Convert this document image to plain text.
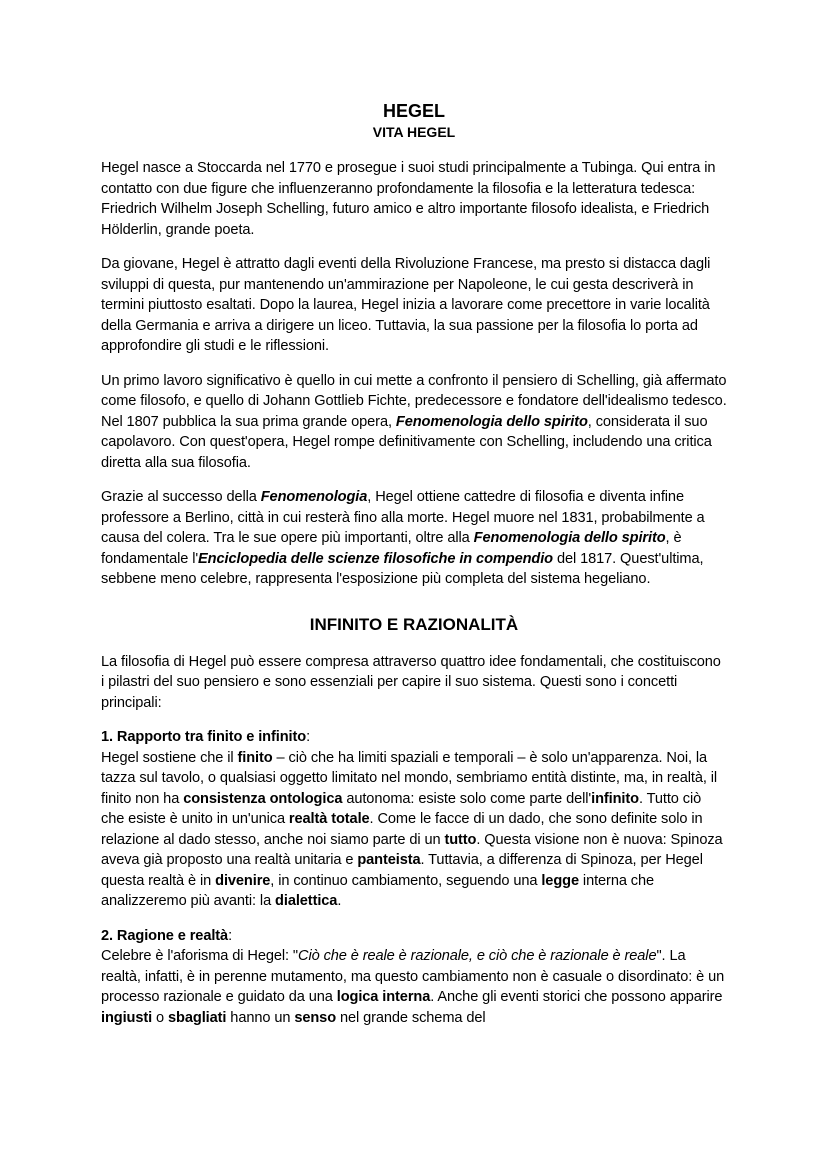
HEGEL
VITA HEGEL

Hegel nasce a Stoccarda nel 1770 e prosegue i suoi studi principalmente a Tubinga. Qui entra in contatto con due figure che influenzeranno profondamente la filosofia e la letteratura tedesca: Friedrich Wilhelm Joseph Schelling, futuro amico e altro importante filosofo idealista, e Friedrich Hölderlin, grande poeta.

Da giovane, Hegel è attratto dagli eventi della Rivoluzione Francese, ma presto si distacca dagli sviluppi di questa, pur mantenendo un'ammirazione per Napoleone, le cui gesta descriverà in termini piuttosto esaltati. Dopo la laurea, Hegel inizia a lavorare come precettore in varie località della Germania e arriva a dirigere un liceo. Tuttavia, la sua passione per la filosofia lo porta ad approfondire gli studi e le riflessioni.

Un primo lavoro significativo è quello in cui mette a confronto il pensiero di Schelling, già affermato come filosofo, e quello di Johann Gottlieb Fichte, predecessore e fondatore dell'idealismo tedesco. Nel 1807 pubblica la sua prima grande opera, Fenomenologia dello spirito, considerata il suo capolavoro. Con quest'opera, Hegel rompe definitivamente con Schelling, includendo una critica diretta alla sua filosofia.

Grazie al successo della Fenomenologia, Hegel ottiene cattedre di filosofia e diventa infine professore a Berlino, città in cui resterà fino alla morte. Hegel muore nel 1831, probabilmente a causa del colera. Tra le sue opere più importanti, oltre alla Fenomenologia dello spirito, è fondamentale l'Enciclopedia delle scienze filosofiche in compendio del 1817. Quest'ultima, sebbene meno celebre, rappresenta l'esposizione più completa del sistema hegeliano.

INFINITO E RAZIONALITÀ

La filosofia di Hegel può essere compresa attraverso quattro idee fondamentali, che costituiscono i pilastri del suo pensiero e sono essenziali per capire il suo sistema. Questi sono i concetti principali:

1. Rapporto tra finito e infinito:
Hegel sostiene che il finito – ciò che ha limiti spaziali e temporali – è solo un'apparenza. Noi, la tazza sul tavolo, o qualsiasi oggetto limitato nel mondo, sembriamo entità distinte, ma, in realtà, il finito non ha consistenza ontologica autonoma: esiste solo come parte dell'infinito. Tutto ciò che esiste è unito in un'unica realtà totale. Come le facce di un dado, che sono definite solo in relazione al dado stesso, anche noi siamo parte di un tutto. Questa visione non è nuova: Spinoza aveva già proposto una realtà unitaria e panteista. Tuttavia, a differenza di Spinoza, per Hegel questa realtà è in divenire, in continuo cambiamento, seguendo una legge interna che analizzeremo più avanti: la dialettica.

2. Ragione e realtà:
Celebre è l'aforisma di Hegel: "Ciò che è reale è razionale, e ciò che è razionale è reale". La realtà, infatti, è in perenne mutamento, ma questo cambiamento non è casuale o disordinato: è un processo razionale e guidato da una logica interna. Anche gli eventi storici che possono apparire ingiusti o sbagliati hanno un senso nel grande schema del
